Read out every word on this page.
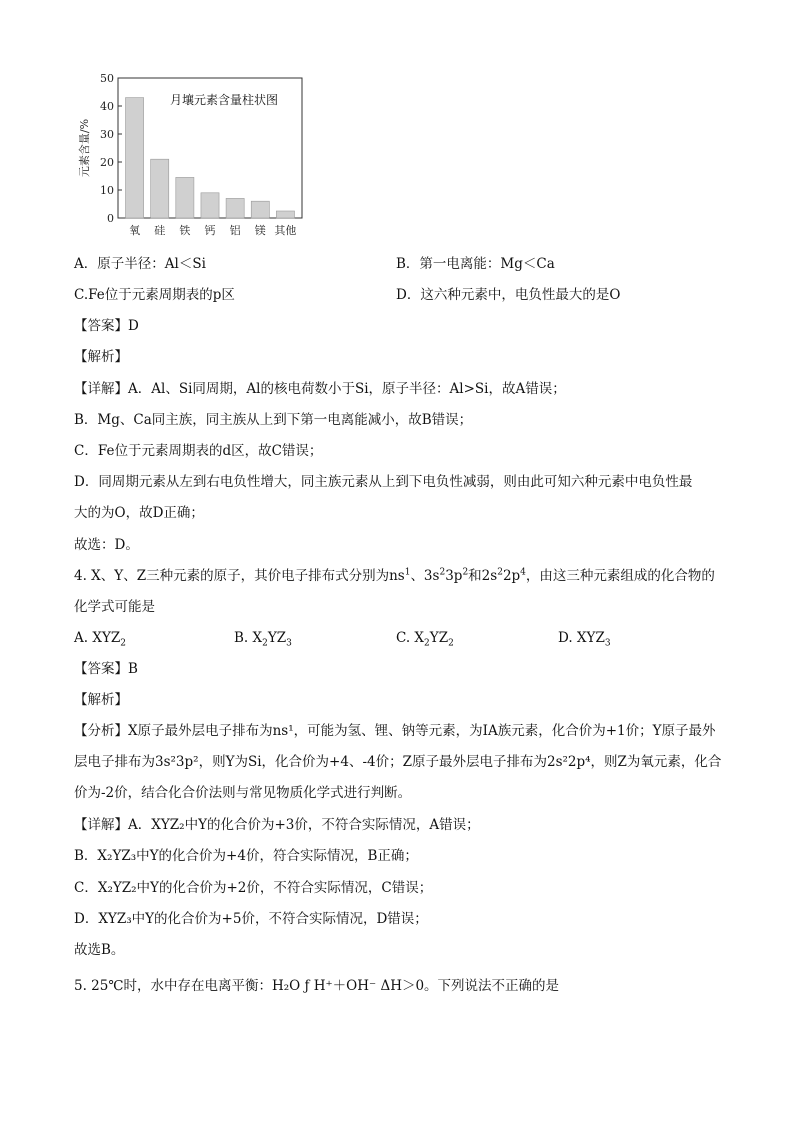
0
10
20
30
40
50
氧 硅 铁 钙 铝 镁 其他
月壤元素含量柱状图
元素含量/%
A．原子半径：Al＜Si	B．第一电离能：Mg＜Ca
C.Fe位于元素周期表的p区	D．这六种元素中，电负性最大的是O
【答案】D
【解析】
【详解】A．Al、Si同周期，Al的核电荷数小于Si，原子半径：Al>Si，故A错误；
B．Mg、Ca同主族，同主族从上到下第一电离能减小，故B错误；
C．Fe位于元素周期表的d区，故C错误；
D．同周期元素从左到右电负性增大，同主族元素从上到下电负性减弱，则由此可知六种元素中电负性最
大的为O，故D正确；
故选：D。
4. X、Y、Z三种元素的原子，其价电子排布式分别为$ns^1$、$3s^23p^2$和$2s^22p^4$，由这三种元素组成的化合物的
化学式可能是
A. $XYZ_2$	B. $X_2YZ_3$	C. $X_2YZ_2$	D. $XYZ_3$
【答案】B
【解析】
【分析】X原子最外层电子排布为ns¹，可能为氢、锂、钠等元素，为IA族元素，化合价为+1价；Y原子最外层电子排布为3s²3p²，则Y为Si，化合价为+4、-4价；Z原子最外层电子排布为2s²2p⁴，则Z为氧元素，化合价为-2价，结合化合价法则与常见物质化学式进行判断。
【详解】A．XYZ₂中Y的化合价为+3价，不符合实际情况，A错误；
B．X₂YZ₃中Y的化合价为+4价，符合实际情况，B正确；
C．X₂YZ₂中Y的化合价为+2价，不符合实际情况，C错误；
D．XYZ₃中Y的化合价为+5价，不符合实际情况，D错误；
故选B。
5. 25℃时，水中存在电离平衡：H₂O ƒ H⁺＋OH⁻ ΔH＞0。下列说法不正确的是
